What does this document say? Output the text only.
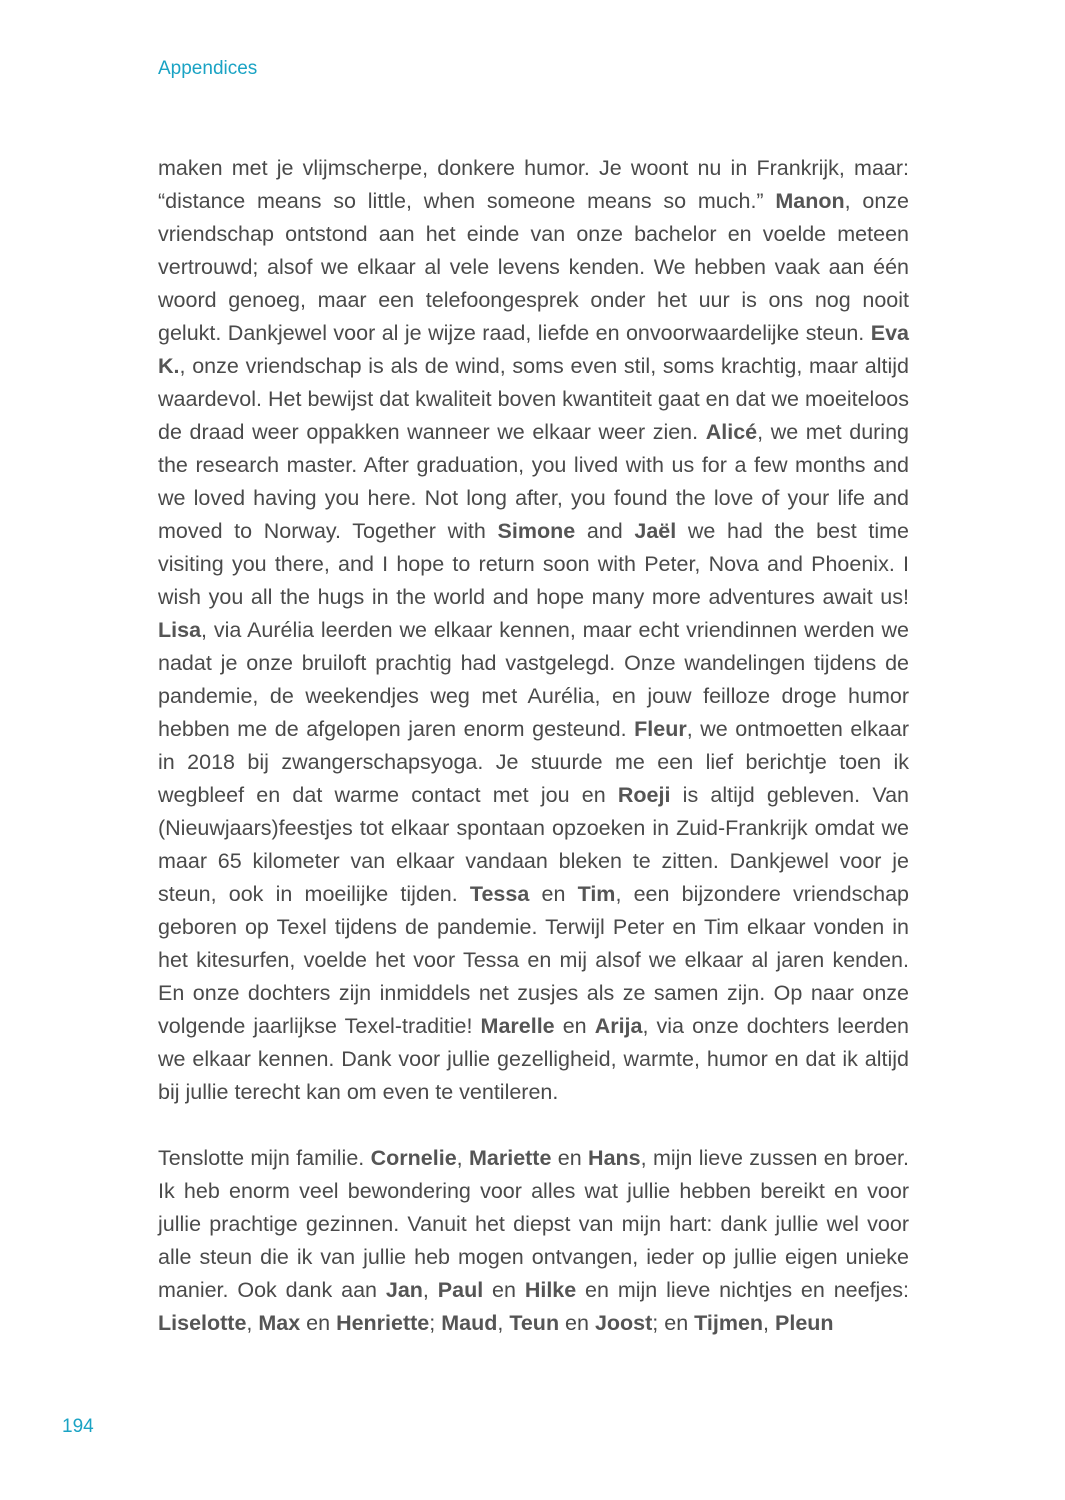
Appendices

maken met je vlijmscherpe, donkere humor. Je woont nu in Frankrijk, maar: “distance means so little, when someone means so much.” Manon, onze vriendschap ontstond aan het einde van onze bachelor en voelde meteen vertrouwd; alsof we elkaar al vele levens kenden. We hebben vaak aan één woord genoeg, maar een telefoongesprek onder het uur is ons nog nooit gelukt. Dankjewel voor al je wijze raad, liefde en onvoorwaardelijke steun. Eva K., onze vriendschap is als de wind, soms even stil, soms krachtig, maar altijd waardevol. Het bewijst dat kwaliteit boven kwantiteit gaat en dat we moeiteloos de draad weer oppakken wanneer we elkaar weer zien. Alicé, we met during the research master. After graduation, you lived with us for a few months and we loved having you here. Not long after, you found the love of your life and moved to Norway. Together with Simone and Jaël we had the best time visiting you there, and I hope to return soon with Peter, Nova and Phoenix. I wish you all the hugs in the world and hope many more adventures await us! Lisa, via Aurélia leerden we elkaar kennen, maar echt vriendinnen werden we nadat je onze bruiloft prachtig had vastgelegd. Onze wandelingen tijdens de pandemie, de weekendjes weg met Aurélia, en jouw feilloze droge humor hebben me de afgelopen jaren enorm gesteund. Fleur, we ontmoetten elkaar in 2018 bij zwangerschapsyoga. Je stuurde me een lief berichtje toen ik wegbleef en dat warme contact met jou en Roeji is altijd gebleven. Van (Nieuwjaars)feestjes tot elkaar spontaan opzoeken in Zuid-Frankrijk omdat we maar 65 kilometer van elkaar vandaan bleken te zitten. Dankjewel voor je steun, ook in moeilijke tijden. Tessa en Tim, een bijzondere vriendschap geboren op Texel tijdens de pandemie. Terwijl Peter en Tim elkaar vonden in het kitesurfen, voelde het voor Tessa en mij alsof we elkaar al jaren kenden. En onze dochters zijn inmiddels net zusjes als ze samen zijn. Op naar onze volgende jaarlijkse Texel-traditie! Marelle en Arija, via onze dochters leerden we elkaar kennen. Dank voor jullie gezelligheid, warmte, humor en dat ik altijd bij jullie terecht kan om even te ventileren.

Tenslotte mijn familie. Cornelie, Mariette en Hans, mijn lieve zussen en broer. Ik heb enorm veel bewondering voor alles wat jullie hebben bereikt en voor jullie prachtige gezinnen. Vanuit het diepst van mijn hart: dank jullie wel voor alle steun die ik van jullie heb mogen ontvangen, ieder op jullie eigen unieke manier. Ook dank aan Jan, Paul en Hilke en mijn lieve nichtjes en neefjes: Liselotte, Max en Henriette; Maud, Teun en Joost; en Tijmen, Pleun

194
